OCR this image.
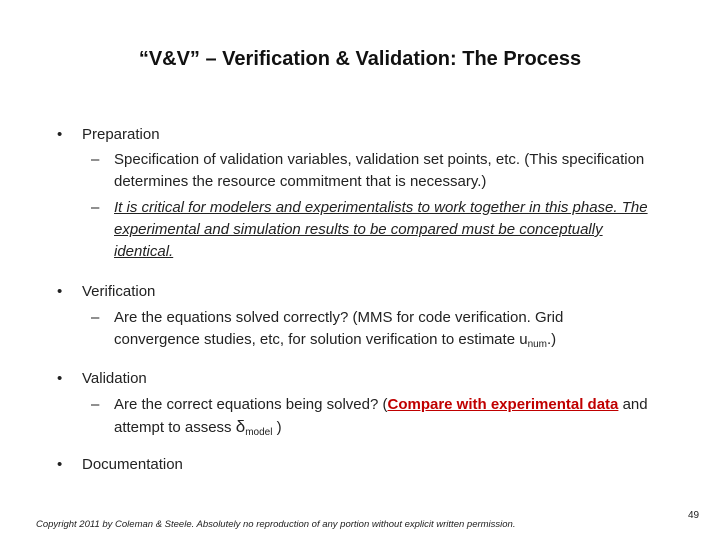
“V&V” – Verification & Validation: The Process
• Preparation
– Specification of validation variables, validation set points, etc. (This specification determines the resource commitment that is necessary.)

– It is critical for modelers and experimentalists to work together in this phase. The experimental and simulation results to be compared must be conceptually identical.

• Verification
– Are the equations solved correctly? (MMS for code verification. Grid convergence studies, etc, for solution verification to estimate $u_{num}$.)

• Validation
– Are the correct equations being solved? (Compare with experimental data and attempt to assess $\delta_{model}$ )

• Documentation
Copyright 2011 by Coleman & Steele. Absolutely no reproduction of any portion without explicit written permission.
49
